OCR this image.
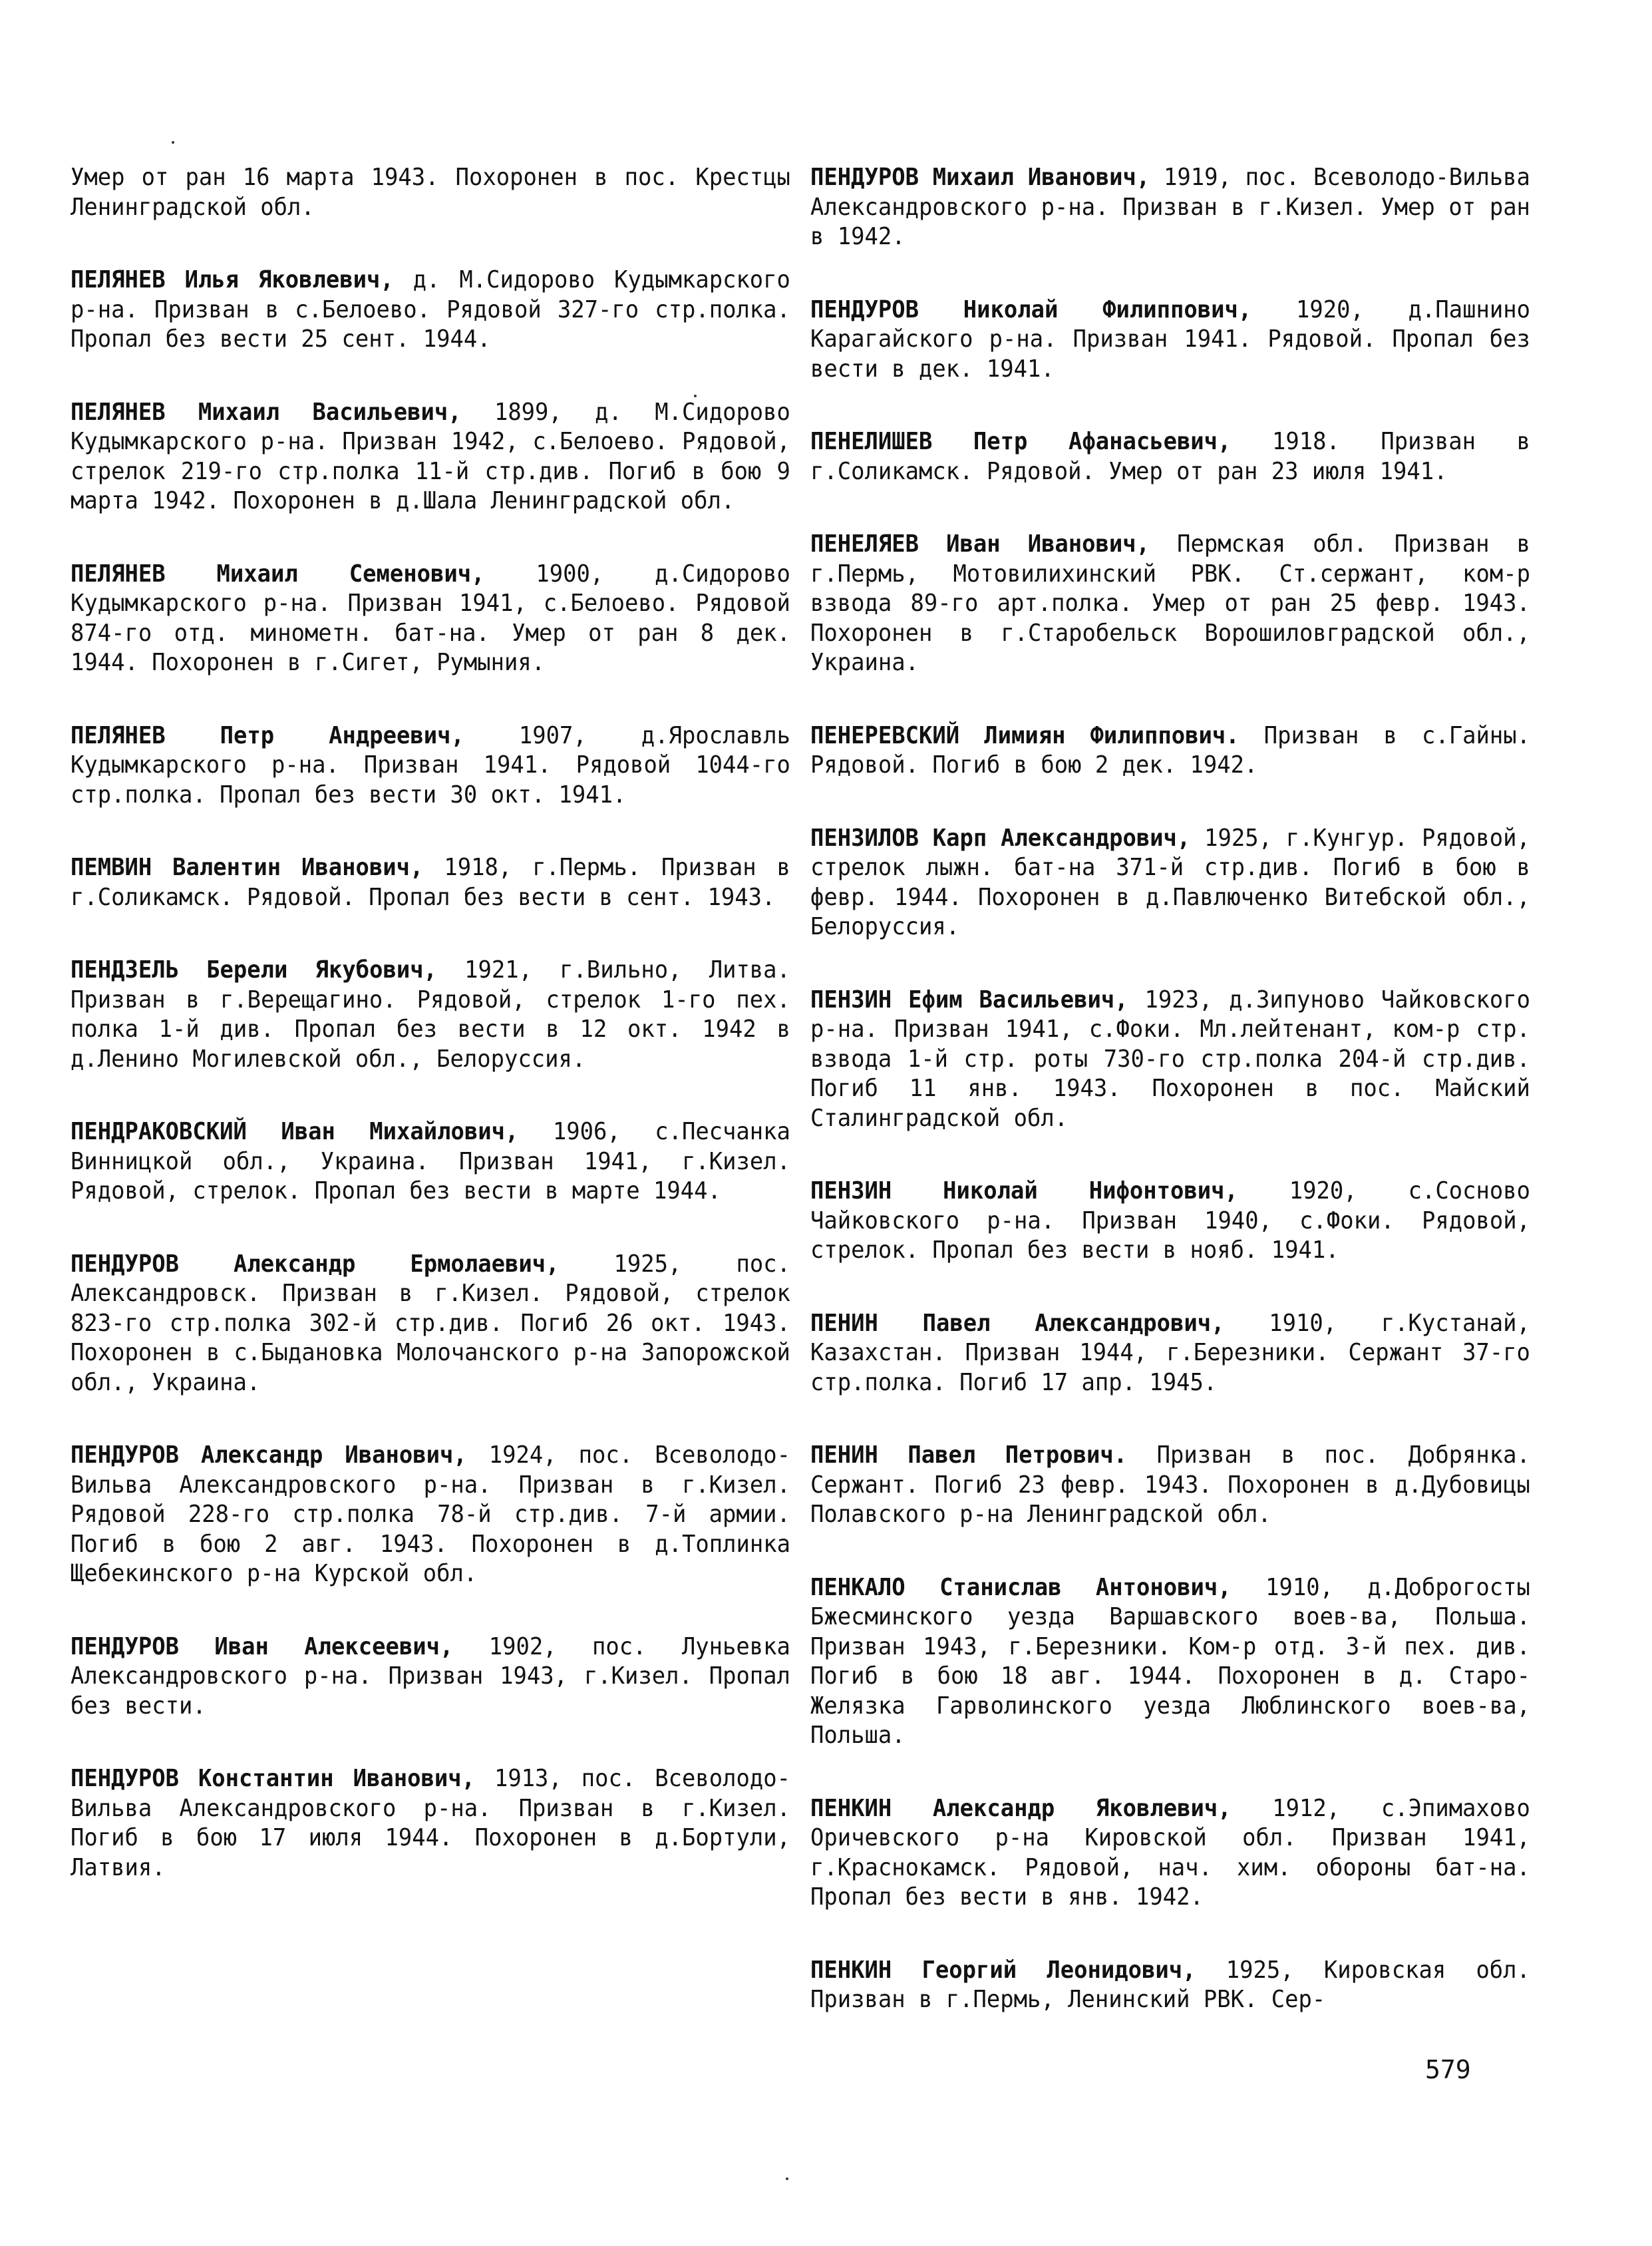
Умер от ран 16 марта 1943. Похоронен в пос. Крестцы Ленинградской обл.

ПЕЛЯНЕВ Илья Яковлевич, д. М.Сидорово Кудымкарского р-на. Призван в с.Белоево. Рядовой 327-го стр.полка. Пропал без вести 25 сент. 1944.

ПЕЛЯНЕВ Михаил Васильевич, 1899, д. М.Сидорово Кудымкарского р-на. Призван 1942, с.Белоево. Рядовой, стрелок 219-го стр.полка 11-й стр.див. Погиб в бою 9 марта 1942. Похоронен в д.Шала Ленинградской обл.

ПЕЛЯНЕВ Михаил Семенович, 1900, д.Сидорово Кудымкарского р-на. Призван 1941, с.Белоево. Рядовой 874-го отд. минометн. бат-на. Умер от ран 8 дек. 1944. Похоронен в г.Сигет, Румыния.

ПЕЛЯНЕВ Петр Андреевич, 1907, д.Ярославль Кудымкарского р-на. Призван 1941. Рядовой 1044-го стр.полка. Пропал без вести 30 окт. 1941.

ПЕМВИН Валентин Иванович, 1918, г.Пермь. Призван в г.Соликамск. Рядовой. Пропал без вести в сент. 1943.

ПЕНДЗЕЛЬ Берели Якубович, 1921, г.Вильно, Литва. Призван в г.Верещагино. Рядовой, стрелок 1-го пех. полка 1-й див. Пропал без вести в 12 окт. 1942 в д.Ленино Могилевской обл., Белоруссия.

ПЕНДРАКОВСКИЙ Иван Михайлович, 1906, с.Песчанка Винницкой обл., Украина. Призван 1941, г.Кизел. Рядовой, стрелок. Пропал без вести в марте 1944.

ПЕНДУРОВ Александр Ермолаевич, 1925, пос. Александровск. Призван в г.Кизел. Рядовой, стрелок 823-го стр.полка 302-й стр.див. Погиб 26 окт. 1943. Похоронен в с.Быдановка Молочанского р-на Запорожской обл., Украина.

ПЕНДУРОВ Александр Иванович, 1924, пос. Всеволодо-Вильва Александровского р-на. Призван в г.Кизел. Рядовой 228-го стр.полка 78-й стр.див. 7-й армии. Погиб в бою 2 авг. 1943. Похоронен в д.Топлинка Щебекинского р-на Курской обл.

ПЕНДУРОВ Иван Алексеевич, 1902, пос. Луньевка Александровского р-на. Призван 1943, г.Кизел. Пропал без вести.

ПЕНДУРОВ Константин Иванович, 1913, пос. Всеволодо-Вильва Александровского р-на. Призван в г.Кизел. Погиб в бою 17 июля 1944. Похоронен в д.Бортули, Латвия.

ПЕНДУРОВ Михаил Иванович, 1919, пос. Всеволодо-Вильва Александровского р-на. Призван в г.Кизел. Умер от ран в 1942.

ПЕНДУРОВ Николай Филиппович, 1920, д.Пашнино Карагайского р-на. Призван 1941. Рядовой. Пропал без вести в дек. 1941.

ПЕНЕЛИШЕВ Петр Афанасьевич, 1918. Призван в г.Соликамск. Рядовой. Умер от ран 23 июля 1941.

ПЕНЕЛЯЕВ Иван Иванович, Пермская обл. Призван в г.Пермь, Мотовилихинский РВК. Ст.сержант, ком-р взвода 89-го арт.полка. Умер от ран 25 февр. 1943. Похоронен в г.Старобельск Ворошиловградской обл., Украина.

ПЕНЕРЕВСКИЙ Лимиян Филиппович. Призван в с.Гайны. Рядовой. Погиб в бою 2 дек. 1942.

ПЕНЗИЛОВ Карп Александрович, 1925, г.Кунгур. Рядовой, стрелок лыжн. бат-на 371-й стр.див. Погиб в бою в февр. 1944. Похоронен в д.Павлюченко Витебской обл., Белоруссия.

ПЕНЗИН Ефим Васильевич, 1923, д.Зипуново Чайковского р-на. Призван 1941, с.Фоки. Мл.лейтенант, ком-р стр. взвода 1-й стр. роты 730-го стр.полка 204-й стр.див. Погиб 11 янв. 1943. Похоронен в пос. Майский Сталинградской обл.

ПЕНЗИН Николай Нифонтович, 1920, с.Сосново Чайковского р-на. Призван 1940, с.Фоки. Рядовой, стрелок. Пропал без вести в нояб. 1941.

ПЕНИН Павел Александрович, 1910, г.Кустанай, Казахстан. Призван 1944, г.Березники. Сержант 37-го стр.полка. Погиб 17 апр. 1945.

ПЕНИН Павел Петрович. Призван в пос. Добрянка. Сержант. Погиб 23 февр. 1943. Похоронен в д.Дубовицы Полавского р-на Ленинградской обл.

ПЕНКАЛО Станислав Антонович, 1910, д.Доброгосты Бжесминского уезда Варшавского воев-ва, Польша. Призван 1943, г.Березники. Ком-р отд. 3-й пех. див. Погиб в бою 18 авг. 1944. Похоронен в д. Старо-Желязка Гарволинского уезда Люблинского воев-ва, Польша.

ПЕНКИН Александр Яковлевич, 1912, с.Эпимахово Оричевского р-на Кировской обл. Призван 1941, г.Краснокамск. Рядовой, нач. хим. обороны бат-на. Пропал без вести в янв. 1942.

ПЕНКИН Георгий Леонидович, 1925, Кировская обл. Призван в г.Пермь, Ленинский РВК. Сер-

579
